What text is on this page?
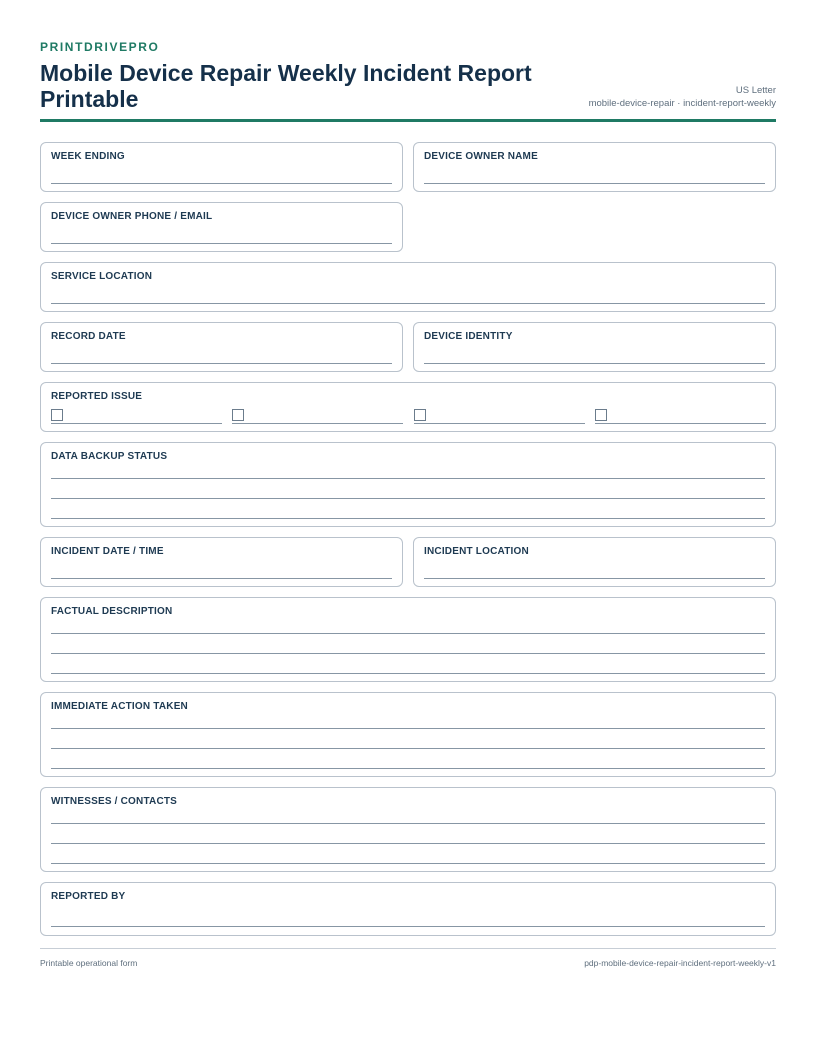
PRINTDRIVEPRO
Mobile Device Repair Weekly Incident Report Printable	US Letter
mobile-device-repair · incident-report-weekly
WEEK ENDING	DEVICE OWNER NAME
DEVICE OWNER PHONE / EMAIL
SERVICE LOCATION
RECORD DATE	DEVICE IDENTITY
REPORTED ISSUE
DATA BACKUP STATUS
INCIDENT DATE / TIME	INCIDENT LOCATION
FACTUAL DESCRIPTION
IMMEDIATE ACTION TAKEN
WITNESSES / CONTACTS
REPORTED BY
Printable operational form	pdp-mobile-device-repair-incident-report-weekly-v1
